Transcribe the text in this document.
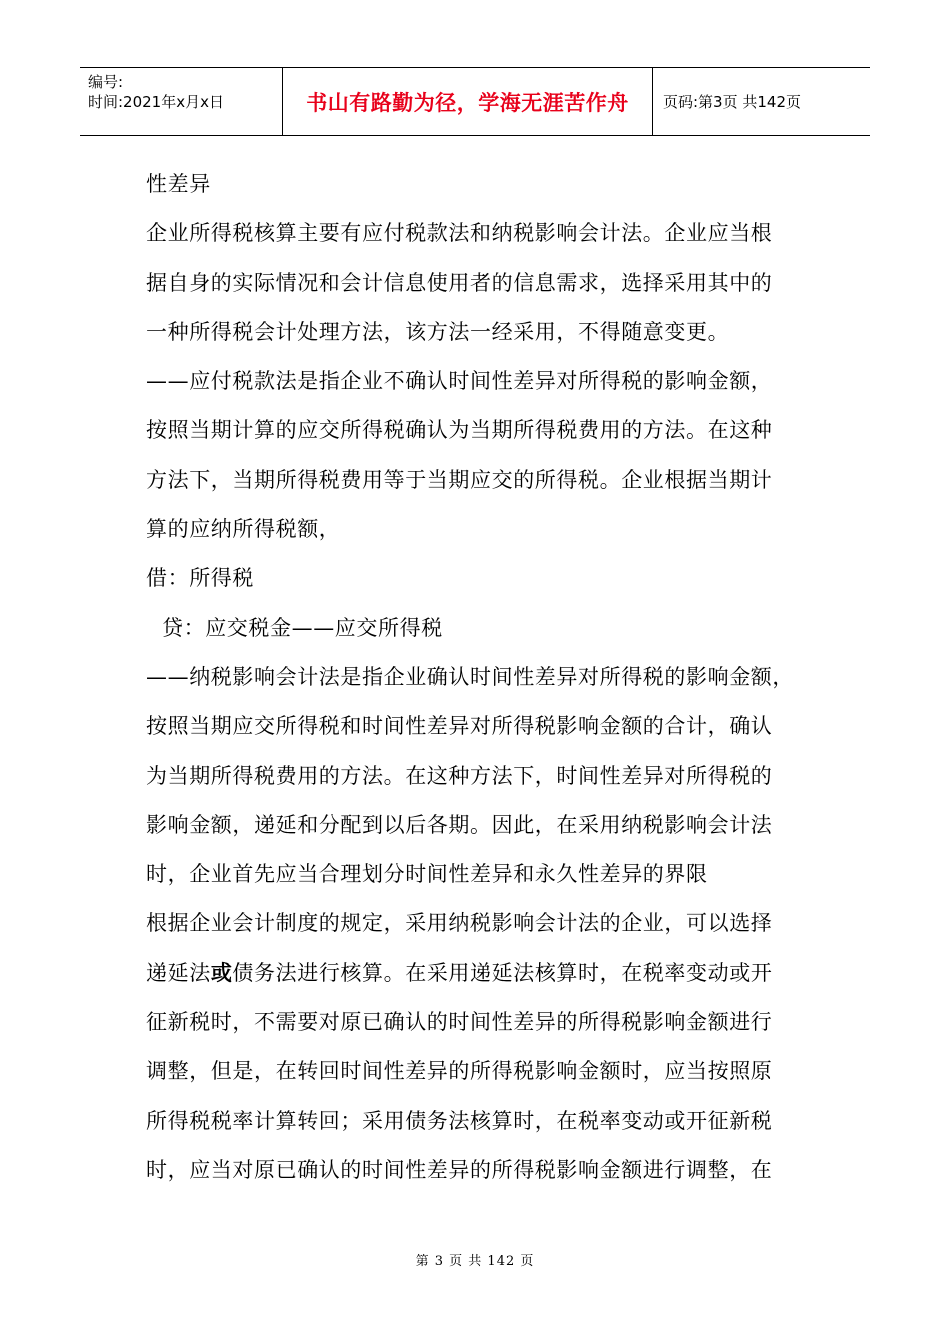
编号:
时间:2021年x月x日	书山有路勤为径，学海无涯苦作舟	页码:第3页 共142页
性差异
企业所得税核算主要有应付税款法和纳税影响会计法。企业应当根
据自身的实际情况和会计信息使用者的信息需求，选择采用其中的
一种所得税会计处理方法，该方法一经采用，不得随意变更。
——应付税款法是指企业不确认时间性差异对所得税的影响金额，
按照当期计算的应交所得税确认为当期所得税费用的方法。在这种
方法下，当期所得税费用等于当期应交的所得税。企业根据当期计
算的应纳所得税额，
借：所得税
贷：应交税金——应交所得税
——纳税影响会计法是指企业确认时间性差异对所得税的影响金额，
按照当期应交所得税和时间性差异对所得税影响金额的合计，确认
为当期所得税费用的方法。在这种方法下，时间性差异对所得税的
影响金额，递延和分配到以后各期。因此，在采用纳税影响会计法
时，企业首先应当合理划分时间性差异和永久性差异的界限
根据企业会计制度的规定，采用纳税影响会计法的企业，可以选择
递延法或债务法进行核算。在采用递延法核算时，在税率变动或开
征新税时，不需要对原已确认的时间性差异的所得税影响金额进行
调整，但是，在转回时间性差异的所得税影响金额时，应当按照原
所得税税率计算转回；采用债务法核算时，在税率变动或开征新税
时，应当对原已确认的时间性差异的所得税影响金额进行调整，在
第 3 页 共 142 页
